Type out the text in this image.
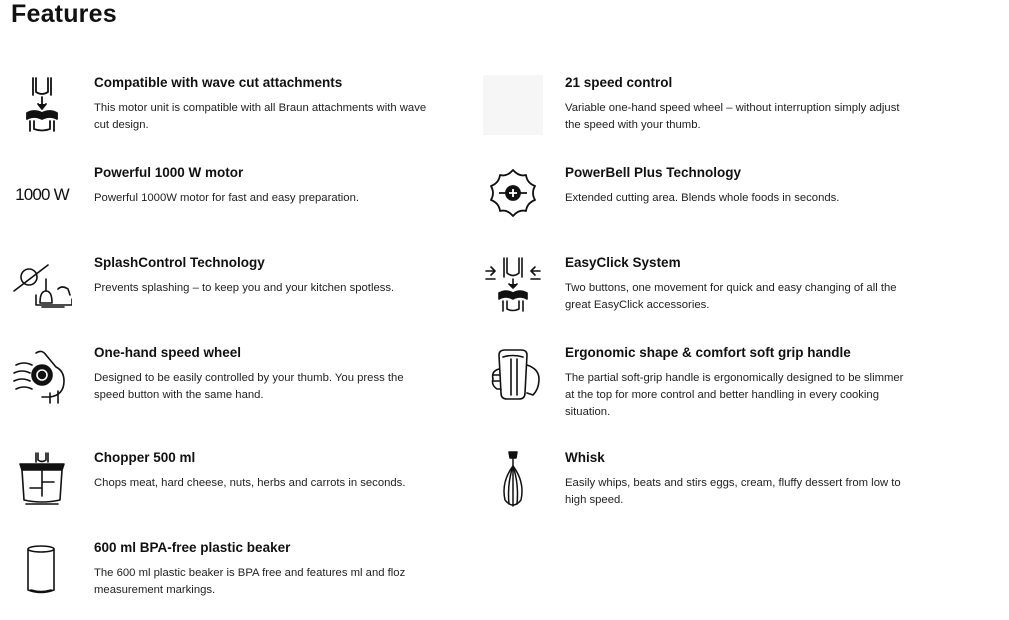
Features
Compatible with wave cut attachments
This motor unit is compatible with all Braun attachments with wave cut design.
21 speed control
Variable one-hand speed wheel – without interruption simply adjust the speed with your thumb.
1000 W
Powerful 1000 W motor
Powerful 1000W motor for fast and easy preparation.
PowerBell Plus Technology
Extended cutting area. Blends whole foods in seconds.
SplashControl Technology
Prevents splashing – to keep you and your kitchen spotless.
EasyClick System
Two buttons, one movement for quick and easy changing of all the great EasyClick accessories.
One-hand speed wheel
Designed to be easily controlled by your thumb. You press the speed button with the same hand.
Ergonomic shape & comfort soft grip handle
The partial soft-grip handle is ergonomically designed to be slimmer at the top for more control and better handling in every cooking situation.
Chopper 500 ml
Chops meat, hard cheese, nuts, herbs and carrots in seconds.
Whisk
Easily whips, beats and stirs eggs, cream, fluffy dessert from low to high speed.
600 ml BPA-free plastic beaker
The 600 ml plastic beaker is BPA free and features ml and floz measurement markings.
